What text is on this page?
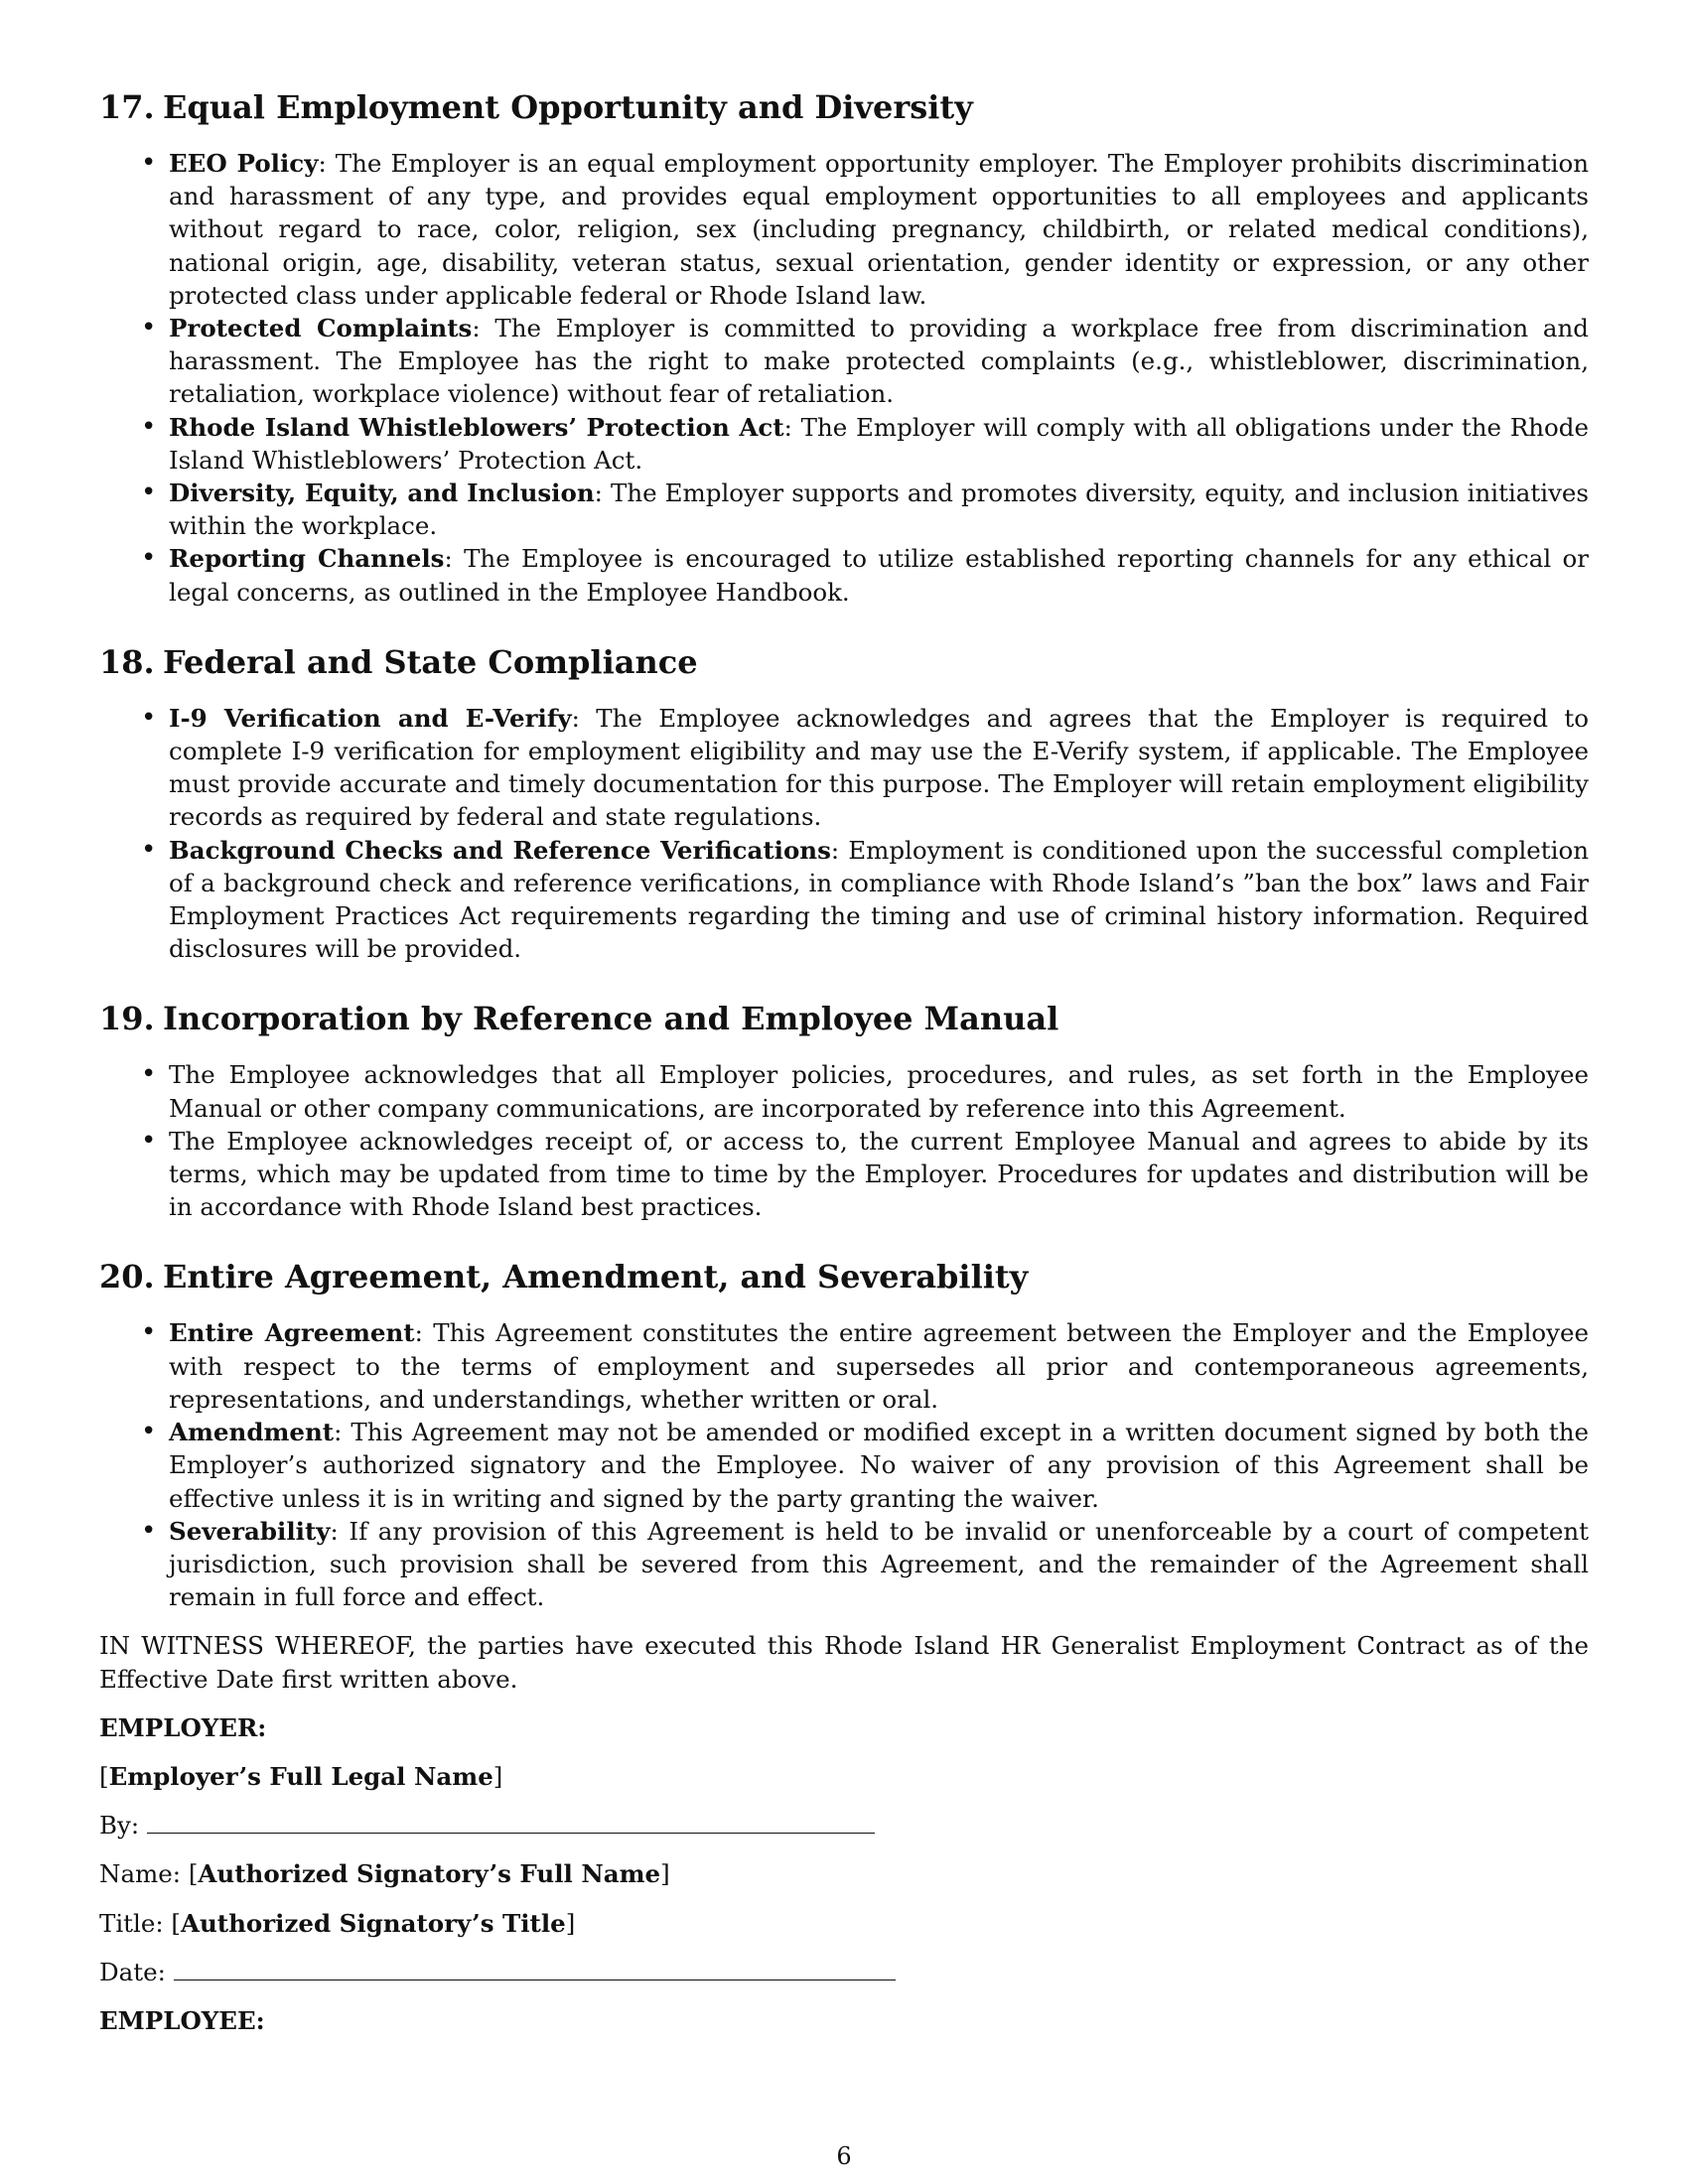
17. Equal Employment Opportunity and Diversity
• EEO Policy: The Employer is an equal employment opportunity employer. The Employer prohibits discrimination and harassment of any type, and provides equal employment opportunities to all employees and applicants without regard to race, color, religion, sex (including pregnancy, childbirth, or related medical conditions), national origin, age, disability, veteran status, sexual orientation, gender identity or expression, or any other protected class under applicable federal or Rhode Island law.
• Protected Complaints: The Employer is committed to providing a workplace free from discrimination and harassment. The Employee has the right to make protected complaints (e.g., whistleblower, discrimination, retaliation, workplace violence) without fear of retaliation.
• Rhode Island Whistleblowers’ Protection Act: The Employer will comply with all obligations under the Rhode Island Whistleblowers’ Protection Act.
• Diversity, Equity, and Inclusion: The Employer supports and promotes diversity, equity, and inclusion initiatives within the workplace.
• Reporting Channels: The Employee is encouraged to utilize established reporting channels for any ethical or legal concerns, as outlined in the Employee Handbook.
18. Federal and State Compliance
• I-9 Verification and E-Verify: The Employee acknowledges and agrees that the Employer is required to complete I-9 verification for employment eligibility and may use the E-Verify system, if applicable. The Employee must provide accurate and timely documentation for this purpose. The Employer will retain employment eligibility records as required by federal and state regulations.
• Background Checks and Reference Verifications: Employment is conditioned upon the successful completion of a background check and reference verifications, in compliance with Rhode Island’s ”ban the box” laws and Fair Employment Practices Act requirements regarding the timing and use of criminal history information. Required disclosures will be provided.
19. Incorporation by Reference and Employee Manual
• The Employee acknowledges that all Employer policies, procedures, and rules, as set forth in the Employee Manual or other company communications, are incorporated by reference into this Agreement.
• The Employee acknowledges receipt of, or access to, the current Employee Manual and agrees to abide by its terms, which may be updated from time to time by the Employer. Procedures for updates and distribution will be in accordance with Rhode Island best practices.
20. Entire Agreement, Amendment, and Severability
• Entire Agreement: This Agreement constitutes the entire agreement between the Employer and the Employee with respect to the terms of employment and supersedes all prior and contemporaneous agreements, representations, and understandings, whether written or oral.
• Amendment: This Agreement may not be amended or modified except in a written document signed by both the Employer’s authorized signatory and the Employee. No waiver of any provision of this Agreement shall be effective unless it is in writing and signed by the party granting the waiver.
• Severability: If any provision of this Agreement is held to be invalid or unenforceable by a court of competent jurisdiction, such provision shall be severed from this Agreement, and the remainder of the Agreement shall remain in full force and effect.

IN WITNESS WHEREOF, the parties have executed this Rhode Island HR Generalist Employment Contract as of the Effective Date first written above.

EMPLOYER:
[Employer’s Full Legal Name]
By:
Name: [Authorized Signatory’s Full Name]
Title: [Authorized Signatory’s Title]
Date:
EMPLOYEE:
6
